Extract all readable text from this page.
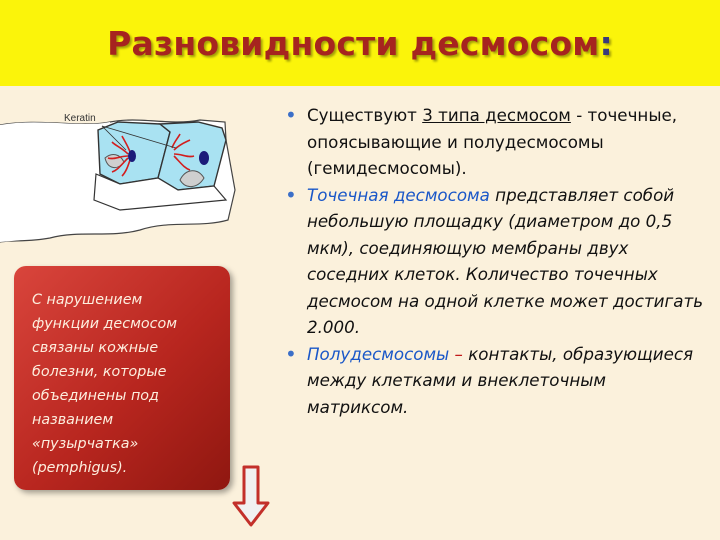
Разновидности десмосом:
Keratin
С нарушением
функции десмосом
связаны кожные
болезни, которые
объединены под
названием
«пузырчатка»
(pemphigus).
• Существуют 3 типа десмосом - точечные, опоясывающие и полудесмосомы (гемидесмосомы).
• Точечная десмосома представляет собой небольшую площадку (диаметром до 0,5 мкм), соединяющую мембраны двух соседних клеток. Количество точечных десмосом на одной клетке может достигать 2.000.
• Полудесмосомы – контакты, образующиеся между клетками и внеклеточным матриксом.
